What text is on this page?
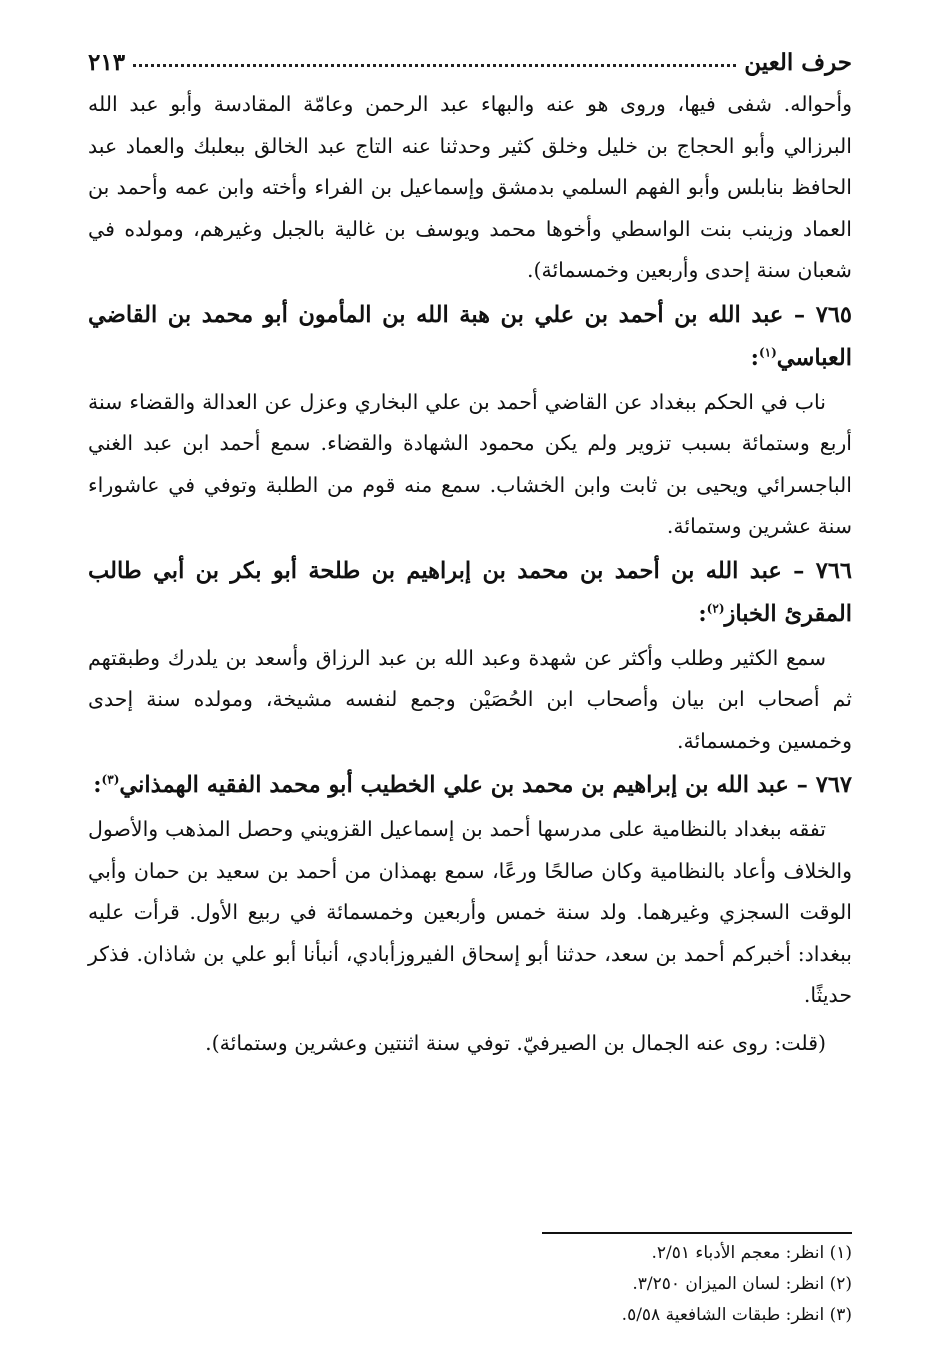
حرف العين
٢١٣

وأحواله. شفى فيها، وروى هو عنه والبهاء عبد الرحمن وعامّة المقادسة وأبو عبد الله البرزالي وأبو الحجاج بن خليل وخلق كثير وحدثنا عنه التاج عبد الخالق ببعلبك والعماد عبد الحافظ بنابلس وأبو الفهم السلمي بدمشق وإسماعيل بن الفراء وأخته وابن عمه وأحمد بن العماد وزينب بنت الواسطي وأخوها محمد ويوسف بن غالية بالجبل وغيرهم، ومولده في شعبان سنة إحدى وأربعين وخمسمائة).

٧٦٥ – عبد الله بن أحمد بن علي بن هبة الله بن المأمون أبو محمد بن القاضي العباسي$^{(١)}$:

ناب في الحكم ببغداد عن القاضي أحمد بن علي البخاري وعزل عن العدالة والقضاء سنة أربع وستمائة بسبب تزوير ولم يكن محمود الشهادة والقضاء. سمع أحمد ابن عبد الغني الباجسرائي ويحيى بن ثابت وابن الخشاب. سمع منه قوم من الطلبة وتوفي في عاشوراء سنة عشرين وستمائة.

٧٦٦ – عبد الله بن أحمد بن محمد بن إبراهيم بن طلحة أبو بكر بن أبي طالب المقرئ الخباز$^{(٢)}$:

سمع الكثير وطلب وأكثر عن شهدة وعبد الله بن عبد الرزاق وأسعد بن يلدرك وطبقتهم ثم أصحاب ابن بيان وأصحاب ابن الحُصَيْن وجمع لنفسه مشيخة، ومولده سنة إحدى وخمسين وخمسمائة.

٧٦٧ – عبد الله بن إبراهيم بن محمد بن علي الخطيب أبو محمد الفقيه الهمذاني$^{(٣)}$:

تفقه ببغداد بالنظامية على مدرسها أحمد بن إسماعيل القزويني وحصل المذهب والأصول والخلاف وأعاد بالنظامية وكان صالحًا ورعًا، سمع بهمذان من أحمد بن سعيد بن حمان وأبي الوقت السجزي وغيرهما. ولد سنة خمس وأربعين وخمسمائة في ربيع الأول. قرأت عليه ببغداد: أخبركم أحمد بن سعد، حدثنا أبو إسحاق الفيروزأبادي، أنبأنا أبو علي بن شاذان. فذكر حديثًا.

(قلت: روى عنه الجمال بن الصيرفيّ. توفي سنة اثنتين وعشرين وستمائة).

(١) انظر: معجم الأدباء ٢/٥١.
(٢) انظر: لسان الميزان ٣/٢٥٠.
(٣) انظر: طبقات الشافعية ٥/٥٨.
